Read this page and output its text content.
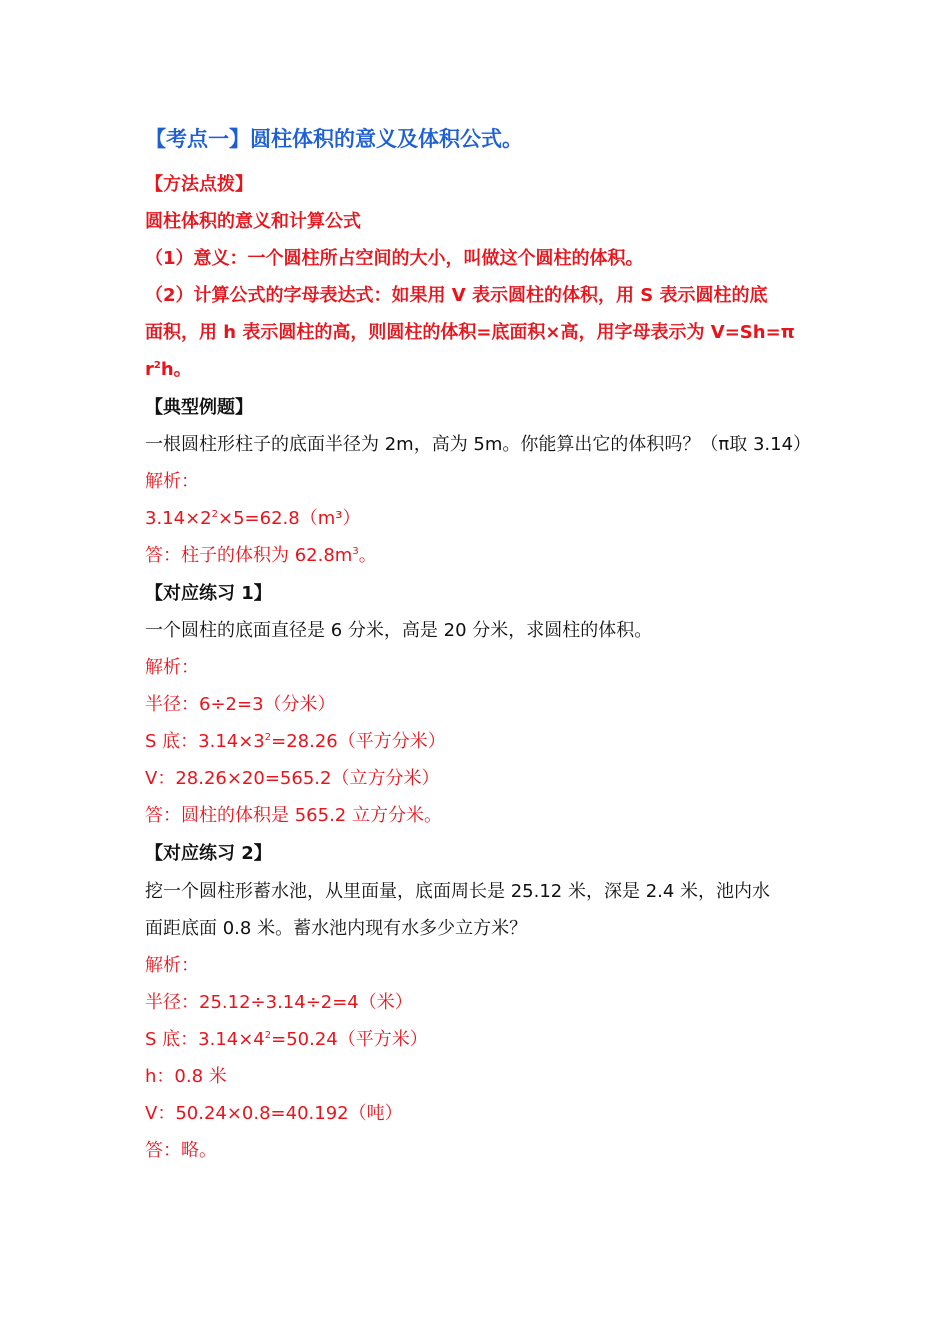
【考点一】圆柱体积的意义及体积公式。
【方法点拨】
圆柱体积的意义和计算公式
（1）意义：一个圆柱所占空间的大小，叫做这个圆柱的体积。
（2）计算公式的字母表达式：如果用 V 表示圆柱的体积，用 S 表示圆柱的底
面积，用 h 表示圆柱的高，则圆柱的体积=底面积×高，用字母表示为 V=Sh=π
$r^2h$。
【典型例题】
一根圆柱形柱子的底面半径为 2m，高为 5m。你能算出它的体积吗？（π取 3.14）
解析：
$3.14\times 2^2\times 5=62.8(m^3)$
答：柱子的体积为 $62.8m^3$。
【对应练习 1】
一个圆柱的底面直径是 6 分米，高是 20 分米，求圆柱的体积。
解析：
半径：6÷2=3（分米）
S 底：$3.14\times 3^2=28.26$（平方分米）
V：28.26×20=565.2（立方分米）
答：圆柱的体积是 565.2 立方分米。
【对应练习 2】
挖一个圆柱形蓄水池，从里面量，底面周长是 25.12 米，深是 2.4 米，池内水
面距底面 0.8 米。蓄水池内现有水多少立方米？
解析：
半径：25.12÷3.14÷2=4（米）
S 底：$3.14\times 4^2=50.24$（平方米）
h：0.8 米
V：50.24×0.8=40.192（吨）
答：略。
